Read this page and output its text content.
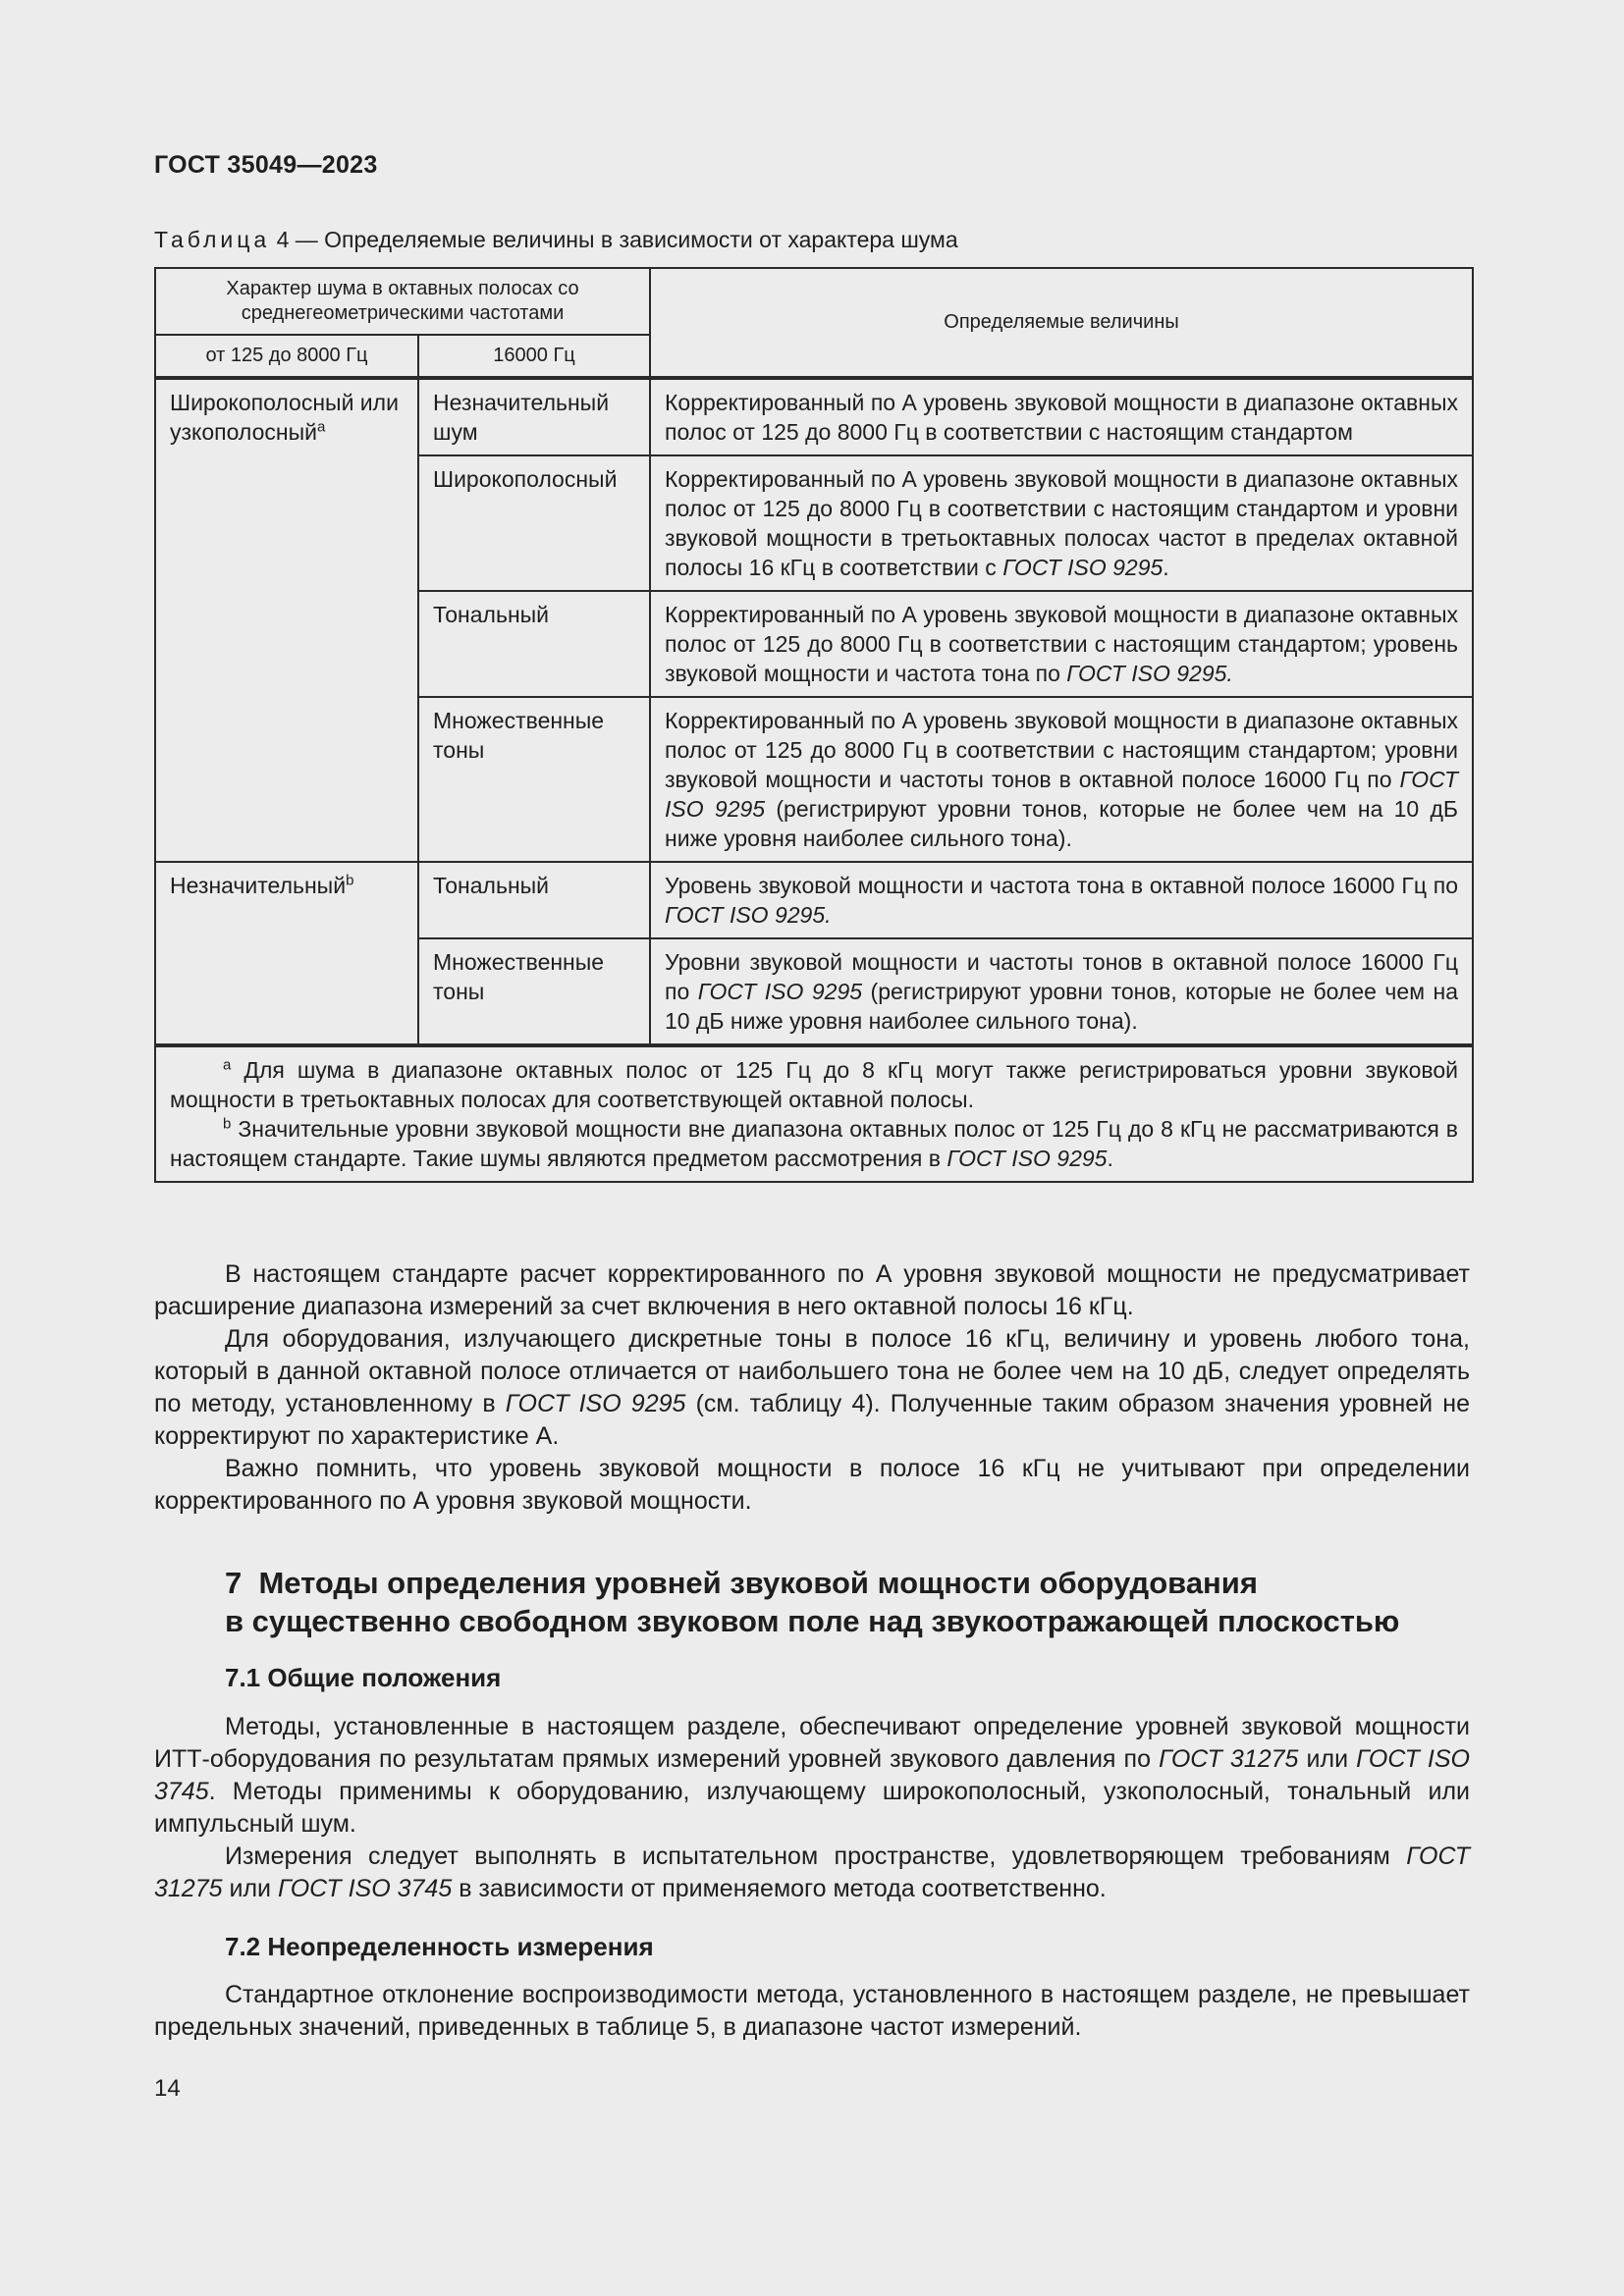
ГОСТ 35049—2023
Таблица 4 — Определяемые величины в зависимости от характера шума
Характер шума в октавных полосах со среднегеометрическими частотами		Определяемые величины
от 125 до 8000 Гц	16000 Гц	
Широкополосный или узкополосный$^a$	Незначительный шум	Корректированный по А уровень звуковой мощности в диапазоне октавных полос от 125 до 8000 Гц в соответствии с настоящим стандартом
	Широкополосный	Корректированный по А уровень звуковой мощности в диапазоне октавных полос от 125 до 8000 Гц в соответствии с настоящим стандартом и уровни звуковой мощности в третьоктавных полосах частот в пределах октавной полосы 16 кГц в соответствии с ГОСТ ISO 9295.
	Тональный	Корректированный по А уровень звуковой мощности в диапазоне октавных полос от 125 до 8000 Гц в соответствии с настоящим стандартом; уровень звуковой мощности и частота тона по ГОСТ ISO 9295.
	Множественные тоны	Корректированный по А уровень звуковой мощности в диапазоне октавных полос от 125 до 8000 Гц в соответствии с настоящим стандартом; уровни звуковой мощности и частоты тонов в октавной полосе 16000 Гц по ГОСТ ISO 9295 (регистрируют уровни тонов, которые не более чем на 10 дБ ниже уровня наиболее сильного тона).
Незначительный$^b$	Тональный	Уровень звуковой мощности и частота тона в октавной полосе 16000 Гц по ГОСТ ISO 9295.
	Множественные тоны	Уровни звуковой мощности и частоты тонов в октавной полосе 16000 Гц по ГОСТ ISO 9295 (регистрируют уровни тонов, которые не более чем на 10 дБ ниже уровня наиболее сильного тона).

$^a$ Для шума в диапазоне октавных полос от 125 Гц до 8 кГц могут также регистрироваться уровни звуковой мощности в третьоктавных полосах для соответствующей октавной полосы.

$^b$ Значительные уровни звуковой мощности вне диапазона октавных полос от 125 Гц до 8 кГц не рассматриваются в настоящем стандарте. Такие шумы являются предметом рассмотрения в ГОСТ ISO 9295.		

В настоящем стандарте расчет корректированного по А уровня звуковой мощности не предусматривает расширение диапазона измерений за счет включения в него октавной полосы 16 кГц.

Для оборудования, излучающего дискретные тоны в полосе 16 кГц, величину и уровень любого тона, который в данной октавной полосе отличается от наибольшего тона не более чем на 10 дБ, следует определять по методу, установленному в ГОСТ ISO 9295 (см. таблицу 4). Полученные таким образом значения уровней не корректируют по характеристике А.

Важно помнить, что уровень звуковой мощности в полосе 16 кГц не учитывают при определении корректированного по А уровня звуковой мощности.

7  Методы определения уровней звуковой мощности оборудования
в существенно свободном звуковом поле над звукоотражающей плоскостью
7.1 Общие положения

Методы, установленные в настоящем разделе, обеспечивают определение уровней звуковой мощности ИТТ-оборудования по результатам прямых измерений уровней звукового давления по ГОСТ 31275 или ГОСТ ISO 3745. Методы применимы к оборудованию, излучающему широкополосный, узкополосный, тональный или импульсный шум.

Измерения следует выполнять в испытательном пространстве, удовлетворяющем требованиям ГОСТ 31275 или ГОСТ ISO 3745 в зависимости от применяемого метода соответственно.

7.2 Неопределенность измерения

Стандартное отклонение воспроизводимости метода, установленного в настоящем разделе, не превышает предельных значений, приведенных в таблице 5, в диапазоне частот измерений.

14
